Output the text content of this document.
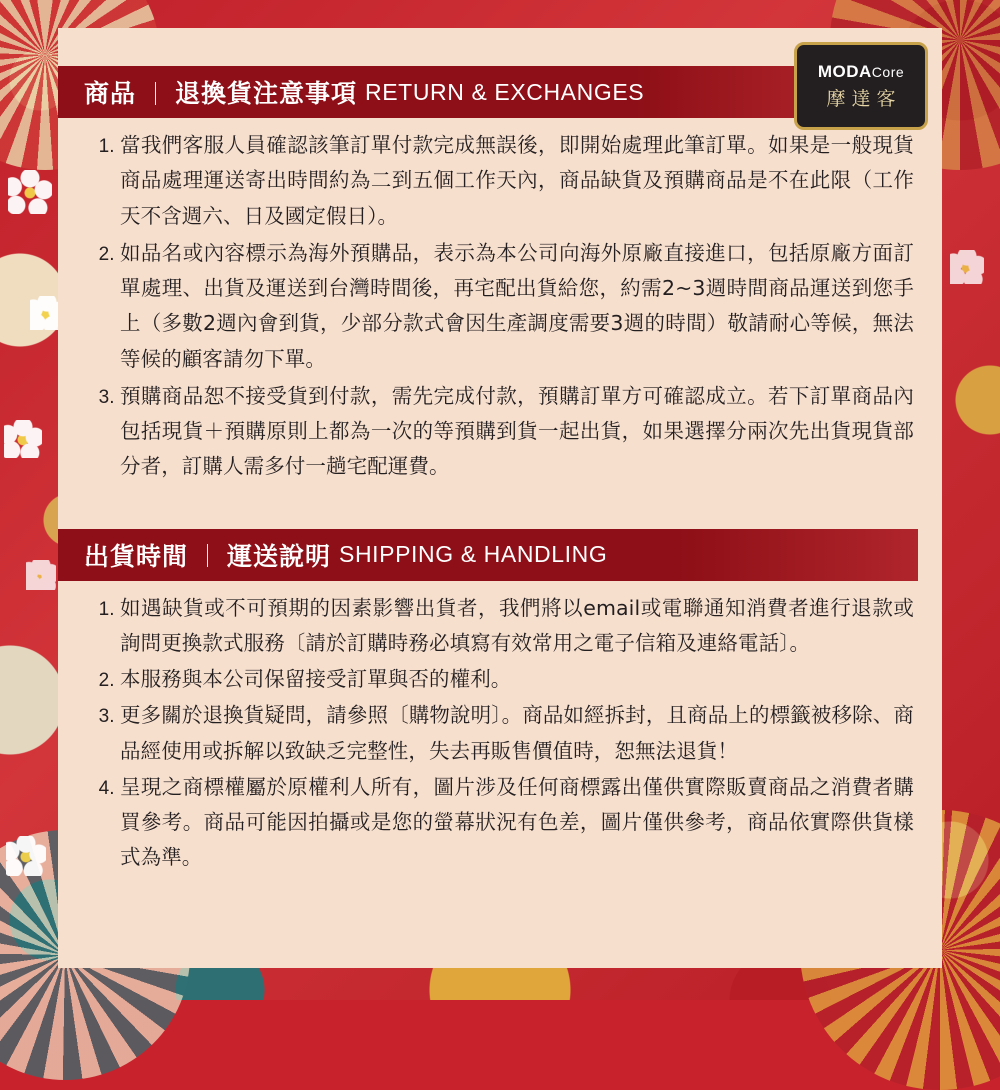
MODACore
摩達客
商品 ｜ 退換貨注意事項 RETURN & EXCHANGES
1. 當我們客服人員確認該筆訂單付款完成無誤後，即開始處理此筆訂單。如果是一般現貨商品處理運送寄出時間約為二到五個工作天內，商品缺貨及預購商品是不在此限（工作天不含週六、日及國定假日）。
2. 如品名或內容標示為海外預購品，表示為本公司向海外原廠直接進口，包括原廠方面訂單處理、出貨及運送到台灣時間後，再宅配出貨給您，約需2~3週時間商品運送到您手上（多數2週內會到貨，少部分款式會因生產調度需要3週的時間）敬請耐心等候，無法等候的顧客請勿下單。
3. 預購商品恕不接受貨到付款，需先完成付款，預購訂單方可確認成立。若下訂單商品內包括現貨＋預購原則上都為一次的等預購到貨一起出貨，如果選擇分兩次先出貨現貨部分者，訂購人需多付一趟宅配運費。
出貨時間 ｜ 運送說明 SHIPPING & HANDLING
1. 如遇缺貨或不可預期的因素影響出貨者，我們將以email或電聯通知消費者進行退款或詢問更換款式服務〔請於訂購時務必填寫有效常用之電子信箱及連絡電話〕。
2. 本服務與本公司保留接受訂單與否的權利。
3. 更多關於退換貨疑問，請參照〔購物說明〕。商品如經拆封，且商品上的標籤被移除、商品經使用或拆解以致缺乏完整性，失去再販售價值時，恕無法退貨！
4. 呈現之商標權屬於原權利人所有，圖片涉及任何商標露出僅供實際販賣商品之消費者購買參考。商品可能因拍攝或是您的螢幕狀況有色差，圖片僅供參考，商品依實際供貨樣式為準。
